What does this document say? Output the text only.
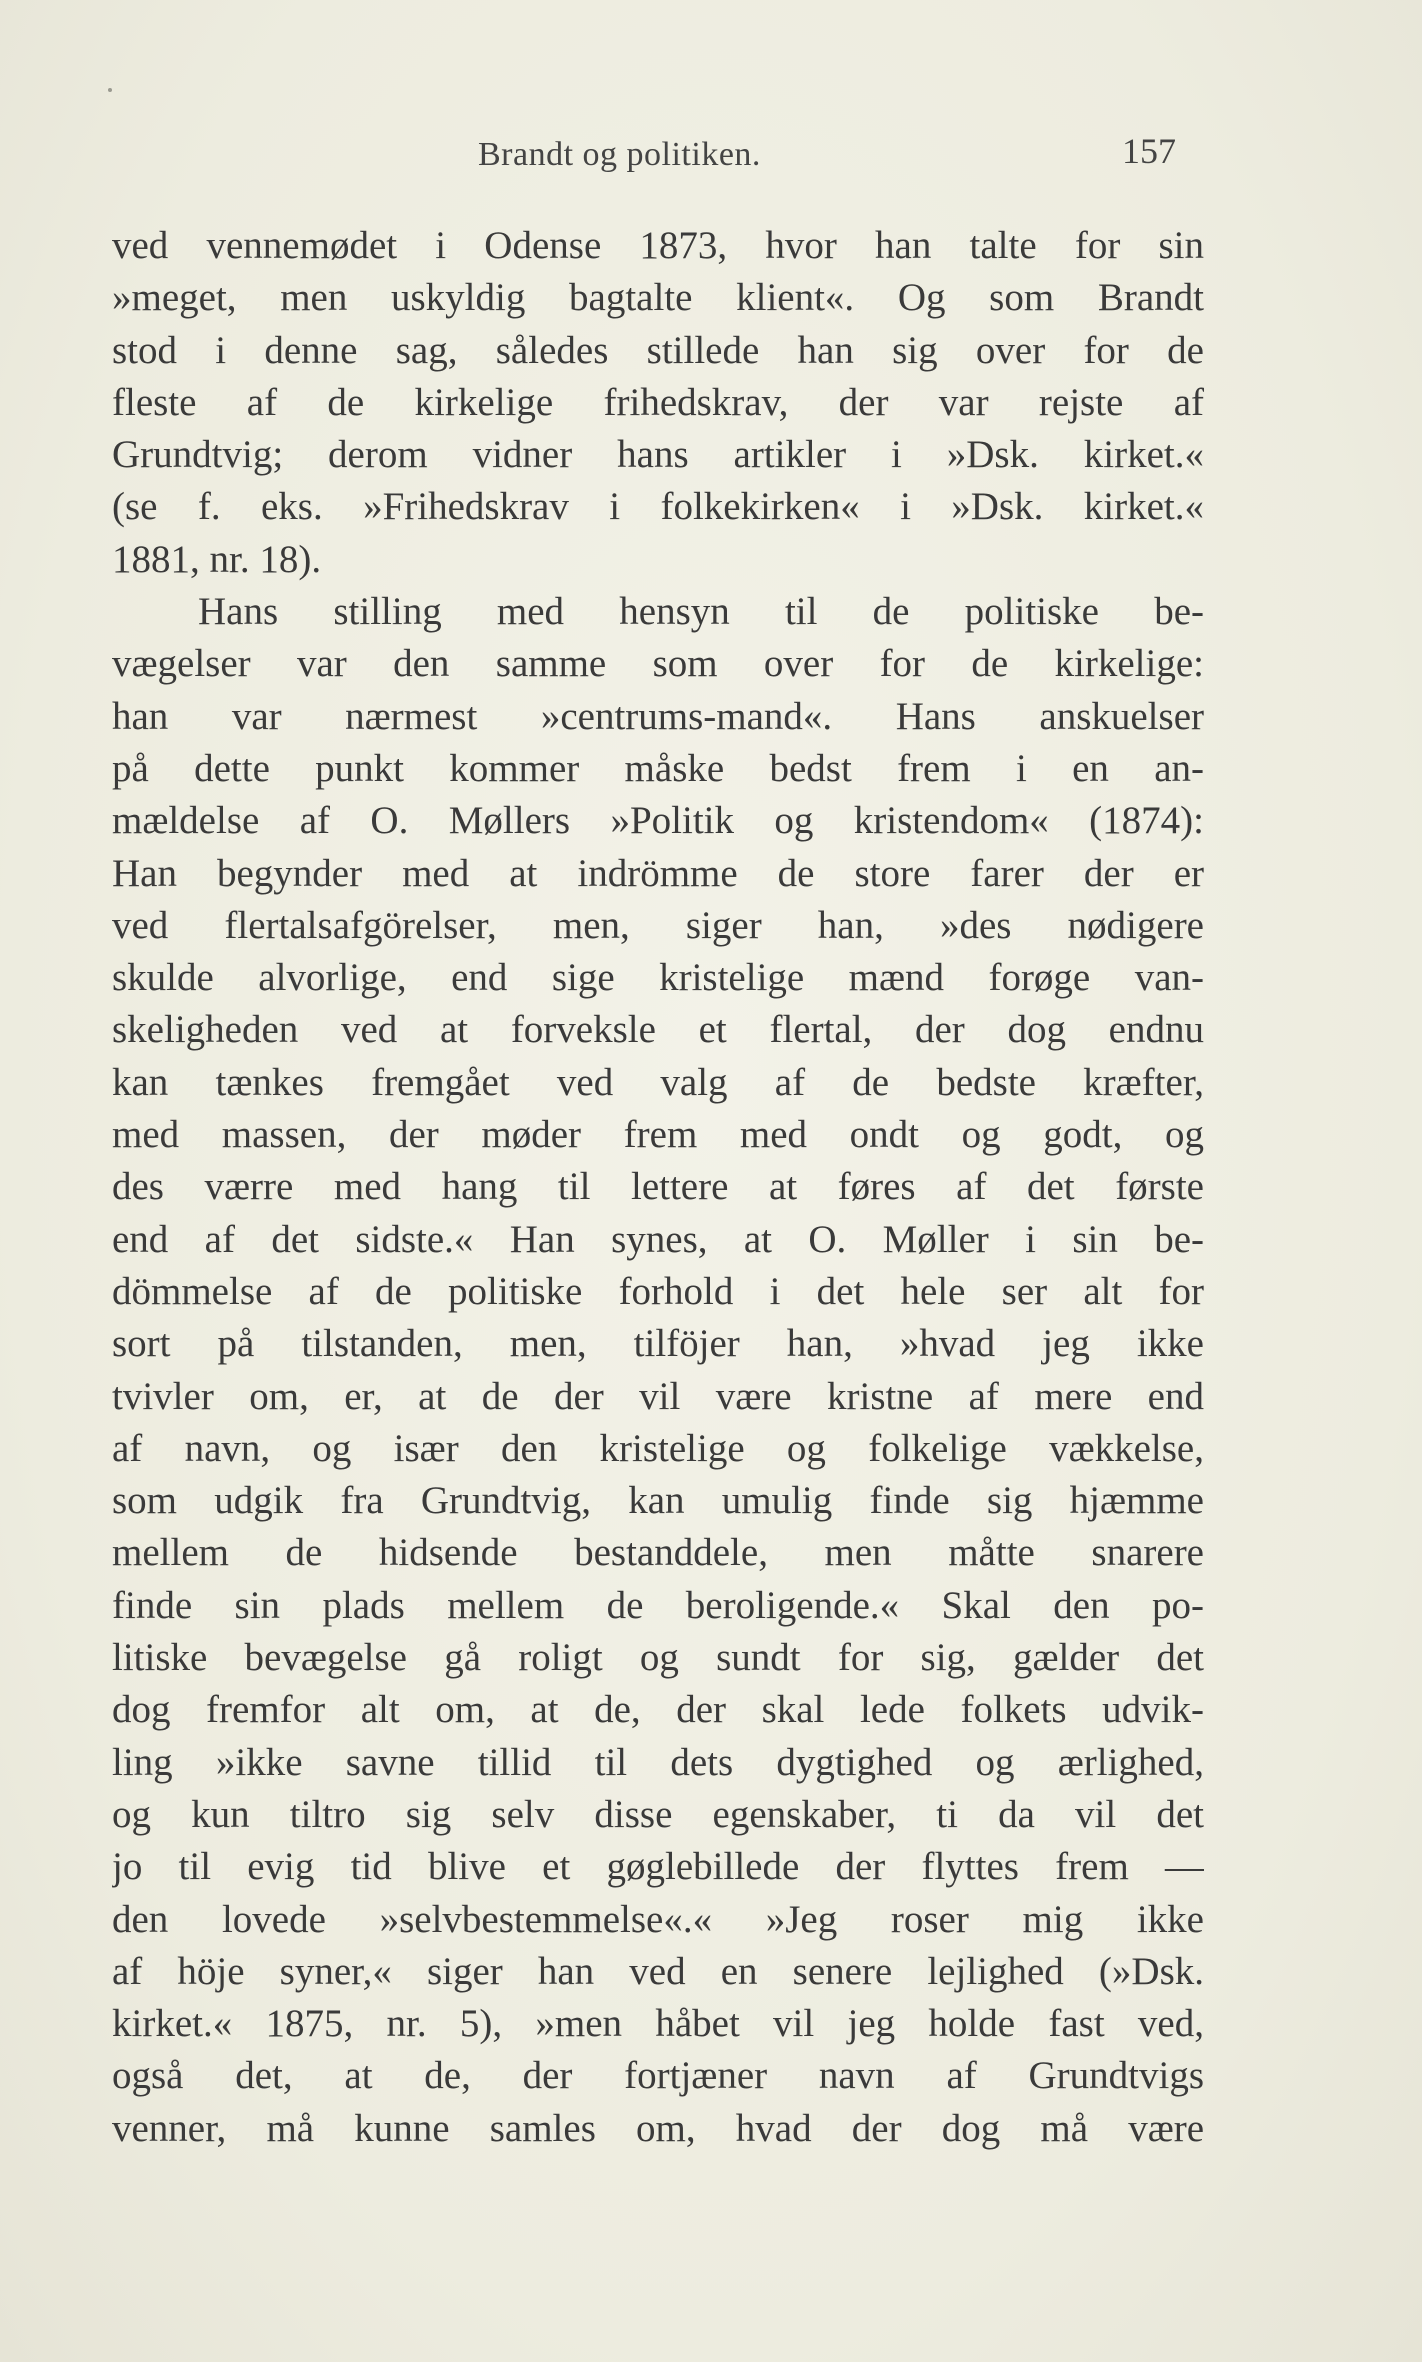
Brandt og politiken.	157
ved vennemødet i Odense 1873, hvor han talte for sin
»meget, men uskyldig bagtalte klient«. Og som Brandt
stod i denne sag, således stillede han sig over for de
fleste af de kirkelige frihedskrav, der var rejste af
Grundtvig; derom vidner hans artikler i »Dsk. kirket.«
(se f. eks. »Frihedskrav i folkekirken« i »Dsk. kirket.«
1881, nr. 18).
Hans stilling med hensyn til de politiske be-
vægelser var den samme som over for de kirkelige:
han var nærmest »centrums-mand«. Hans anskuelser
på dette punkt kommer måske bedst frem i en an-
mældelse af O. Møllers »Politik og kristendom« (1874):
Han begynder med at indrömme de store farer der er
ved flertalsafgörelser, men, siger han, »des nødigere
skulde alvorlige, end sige kristelige mænd forøge van-
skeligheden ved at forveksle et flertal, der dog endnu
kan tænkes fremgået ved valg af de bedste kræfter,
med massen, der møder frem med ondt og godt, og
des værre med hang til lettere at føres af det første
end af det sidste.« Han synes, at O. Møller i sin be-
dömmelse af de politiske forhold i det hele ser alt for
sort på tilstanden, men, tilföjer han, »hvad jeg ikke
tvivler om, er, at de der vil være kristne af mere end
af navn, og især den kristelige og folkelige vækkelse,
som udgik fra Grundtvig, kan umulig finde sig hjæmme
mellem de hidsende bestanddele, men måtte snarere
finde sin plads mellem de beroligende.« Skal den po-
litiske bevægelse gå roligt og sundt for sig, gælder det
dog fremfor alt om, at de, der skal lede folkets udvik-
ling »ikke savne tillid til dets dygtighed og ærlighed,
og kun tiltro sig selv disse egenskaber, ti da vil det
jo til evig tid blive et gøglebillede der flyttes frem —
den lovede »selvbestemmelse«.« »Jeg roser mig ikke
af höje syner,« siger han ved en senere lejlighed (»Dsk.
kirket.« 1875, nr. 5), »men håbet vil jeg holde fast ved,
også det, at de, der fortjæner navn af Grundtvigs
venner, må kunne samles om, hvad der dog må være
